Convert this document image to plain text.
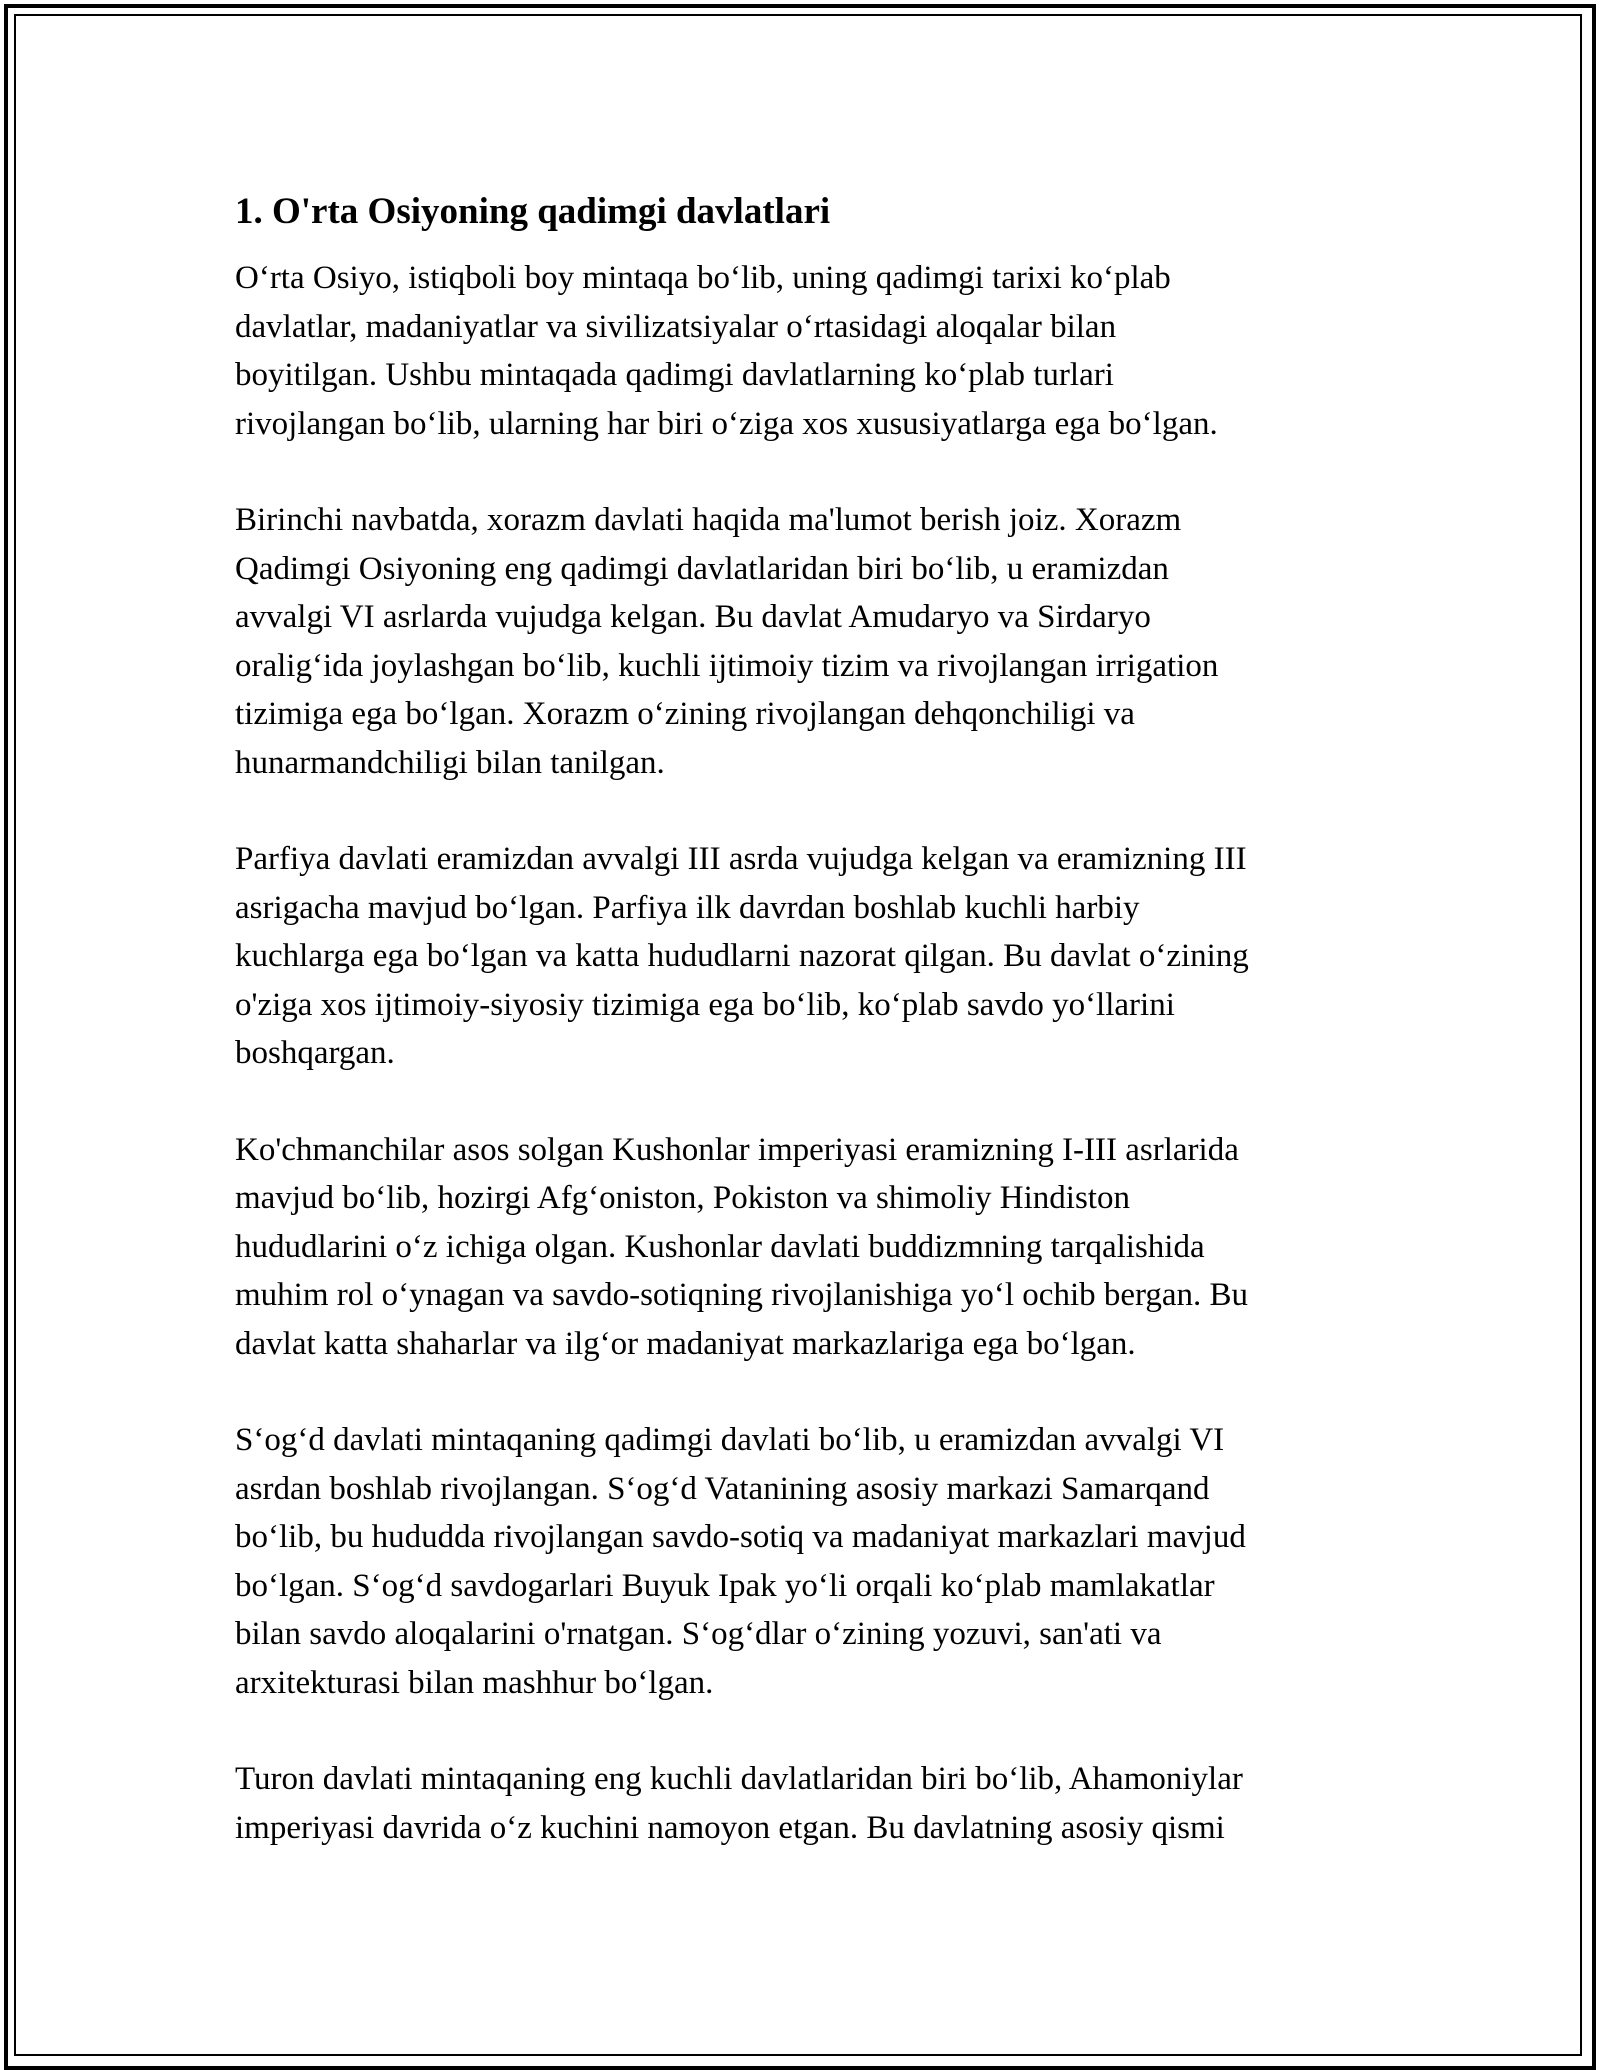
1. O'rta Osiyoning qadimgi davlatlari

O‘rta Osiyo, istiqboli boy mintaqa bo‘lib, uning qadimgi tarixi ko‘plab
davlatlar, madaniyatlar va sivilizatsiyalar o‘rtasidagi aloqalar bilan
boyitilgan. Ushbu mintaqada qadimgi davlatlarning ko‘plab turlari
rivojlangan bo‘lib, ularning har biri o‘ziga xos xususiyatlarga ega bo‘lgan.

Birinchi navbatda, xorazm davlati haqida ma'lumot berish joiz. Xorazm
Qadimgi Osiyoning eng qadimgi davlatlaridan biri bo‘lib, u eramizdan
avvalgi VI asrlarda vujudga kelgan. Bu davlat Amudaryo va Sirdaryo
oralig‘ida joylashgan bo‘lib, kuchli ijtimoiy tizim va rivojlangan irrigation
tizimiga ega bo‘lgan. Xorazm o‘zining rivojlangan dehqonchiligi va
hunarmandchiligi bilan tanilgan.

Parfiya davlati eramizdan avvalgi III asrda vujudga kelgan va eramizning III
asrigacha mavjud bo‘lgan. Parfiya ilk davrdan boshlab kuchli harbiy
kuchlarga ega bo‘lgan va katta hududlarni nazorat qilgan. Bu davlat o‘zining
o'ziga xos ijtimoiy-siyosiy tizimiga ega bo‘lib, ko‘plab savdo yo‘llarini
boshqargan.

Ko'chmanchilar asos solgan Kushonlar imperiyasi eramizning I-III asrlarida
mavjud bo‘lib, hozirgi Afg‘oniston, Pokiston va shimoliy Hindiston
hududlarini o‘z ichiga olgan. Kushonlar davlati buddizmning tarqalishida
muhim rol o‘ynagan va savdo-sotiqning rivojlanishiga yo‘l ochib bergan. Bu
davlat katta shaharlar va ilg‘or madaniyat markazlariga ega bo‘lgan.

S‘og‘d davlati mintaqaning qadimgi davlati bo‘lib, u eramizdan avvalgi VI
asrdan boshlab rivojlangan. S‘og‘d Vatanining asosiy markazi Samarqand
bo‘lib, bu hududda rivojlangan savdo-sotiq va madaniyat markazlari mavjud
bo‘lgan. S‘og‘d savdogarlari Buyuk Ipak yo‘li orqali ko‘plab mamlakatlar
bilan savdo aloqalarini o'rnatgan. S‘og‘dlar o‘zining yozuvi, san'ati va
arxitekturasi bilan mashhur bo‘lgan.

Turon davlati mintaqaning eng kuchli davlatlaridan biri bo‘lib, Ahamoniylar
imperiyasi davrida o‘z kuchini namoyon etgan. Bu davlatning asosiy qismi
